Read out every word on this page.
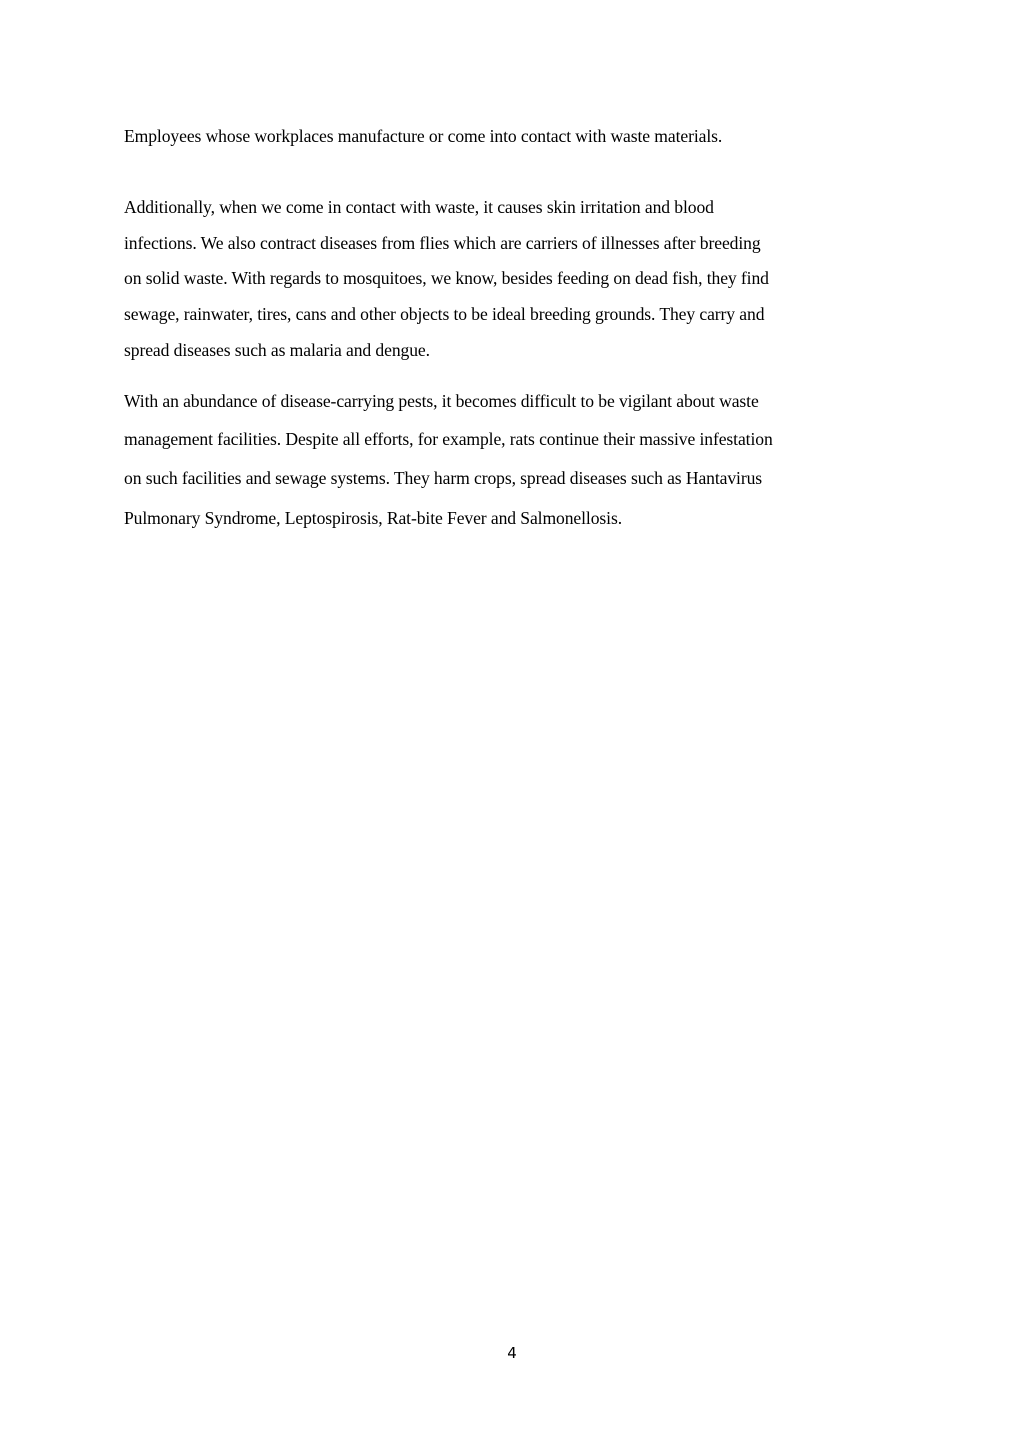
Employees whose workplaces manufacture or come into contact with waste materials.

Additionally, when we come in contact with waste, it causes skin irritation and blood

infections. We also contract diseases from flies which are carriers of illnesses after breeding

on solid waste. With regards to mosquitoes, we know, besides feeding on dead fish, they find

sewage, rainwater, tires, cans and other objects to be ideal breeding grounds. They carry and

spread diseases such as malaria and dengue.

With an abundance of disease-carrying pests, it becomes difficult to be vigilant about waste

management facilities. Despite all efforts, for example, rats continue their massive infestation

on such facilities and sewage systems. They harm crops, spread diseases such as Hantavirus

Pulmonary Syndrome, Leptospirosis, Rat-bite Fever and Salmonellosis.

4
